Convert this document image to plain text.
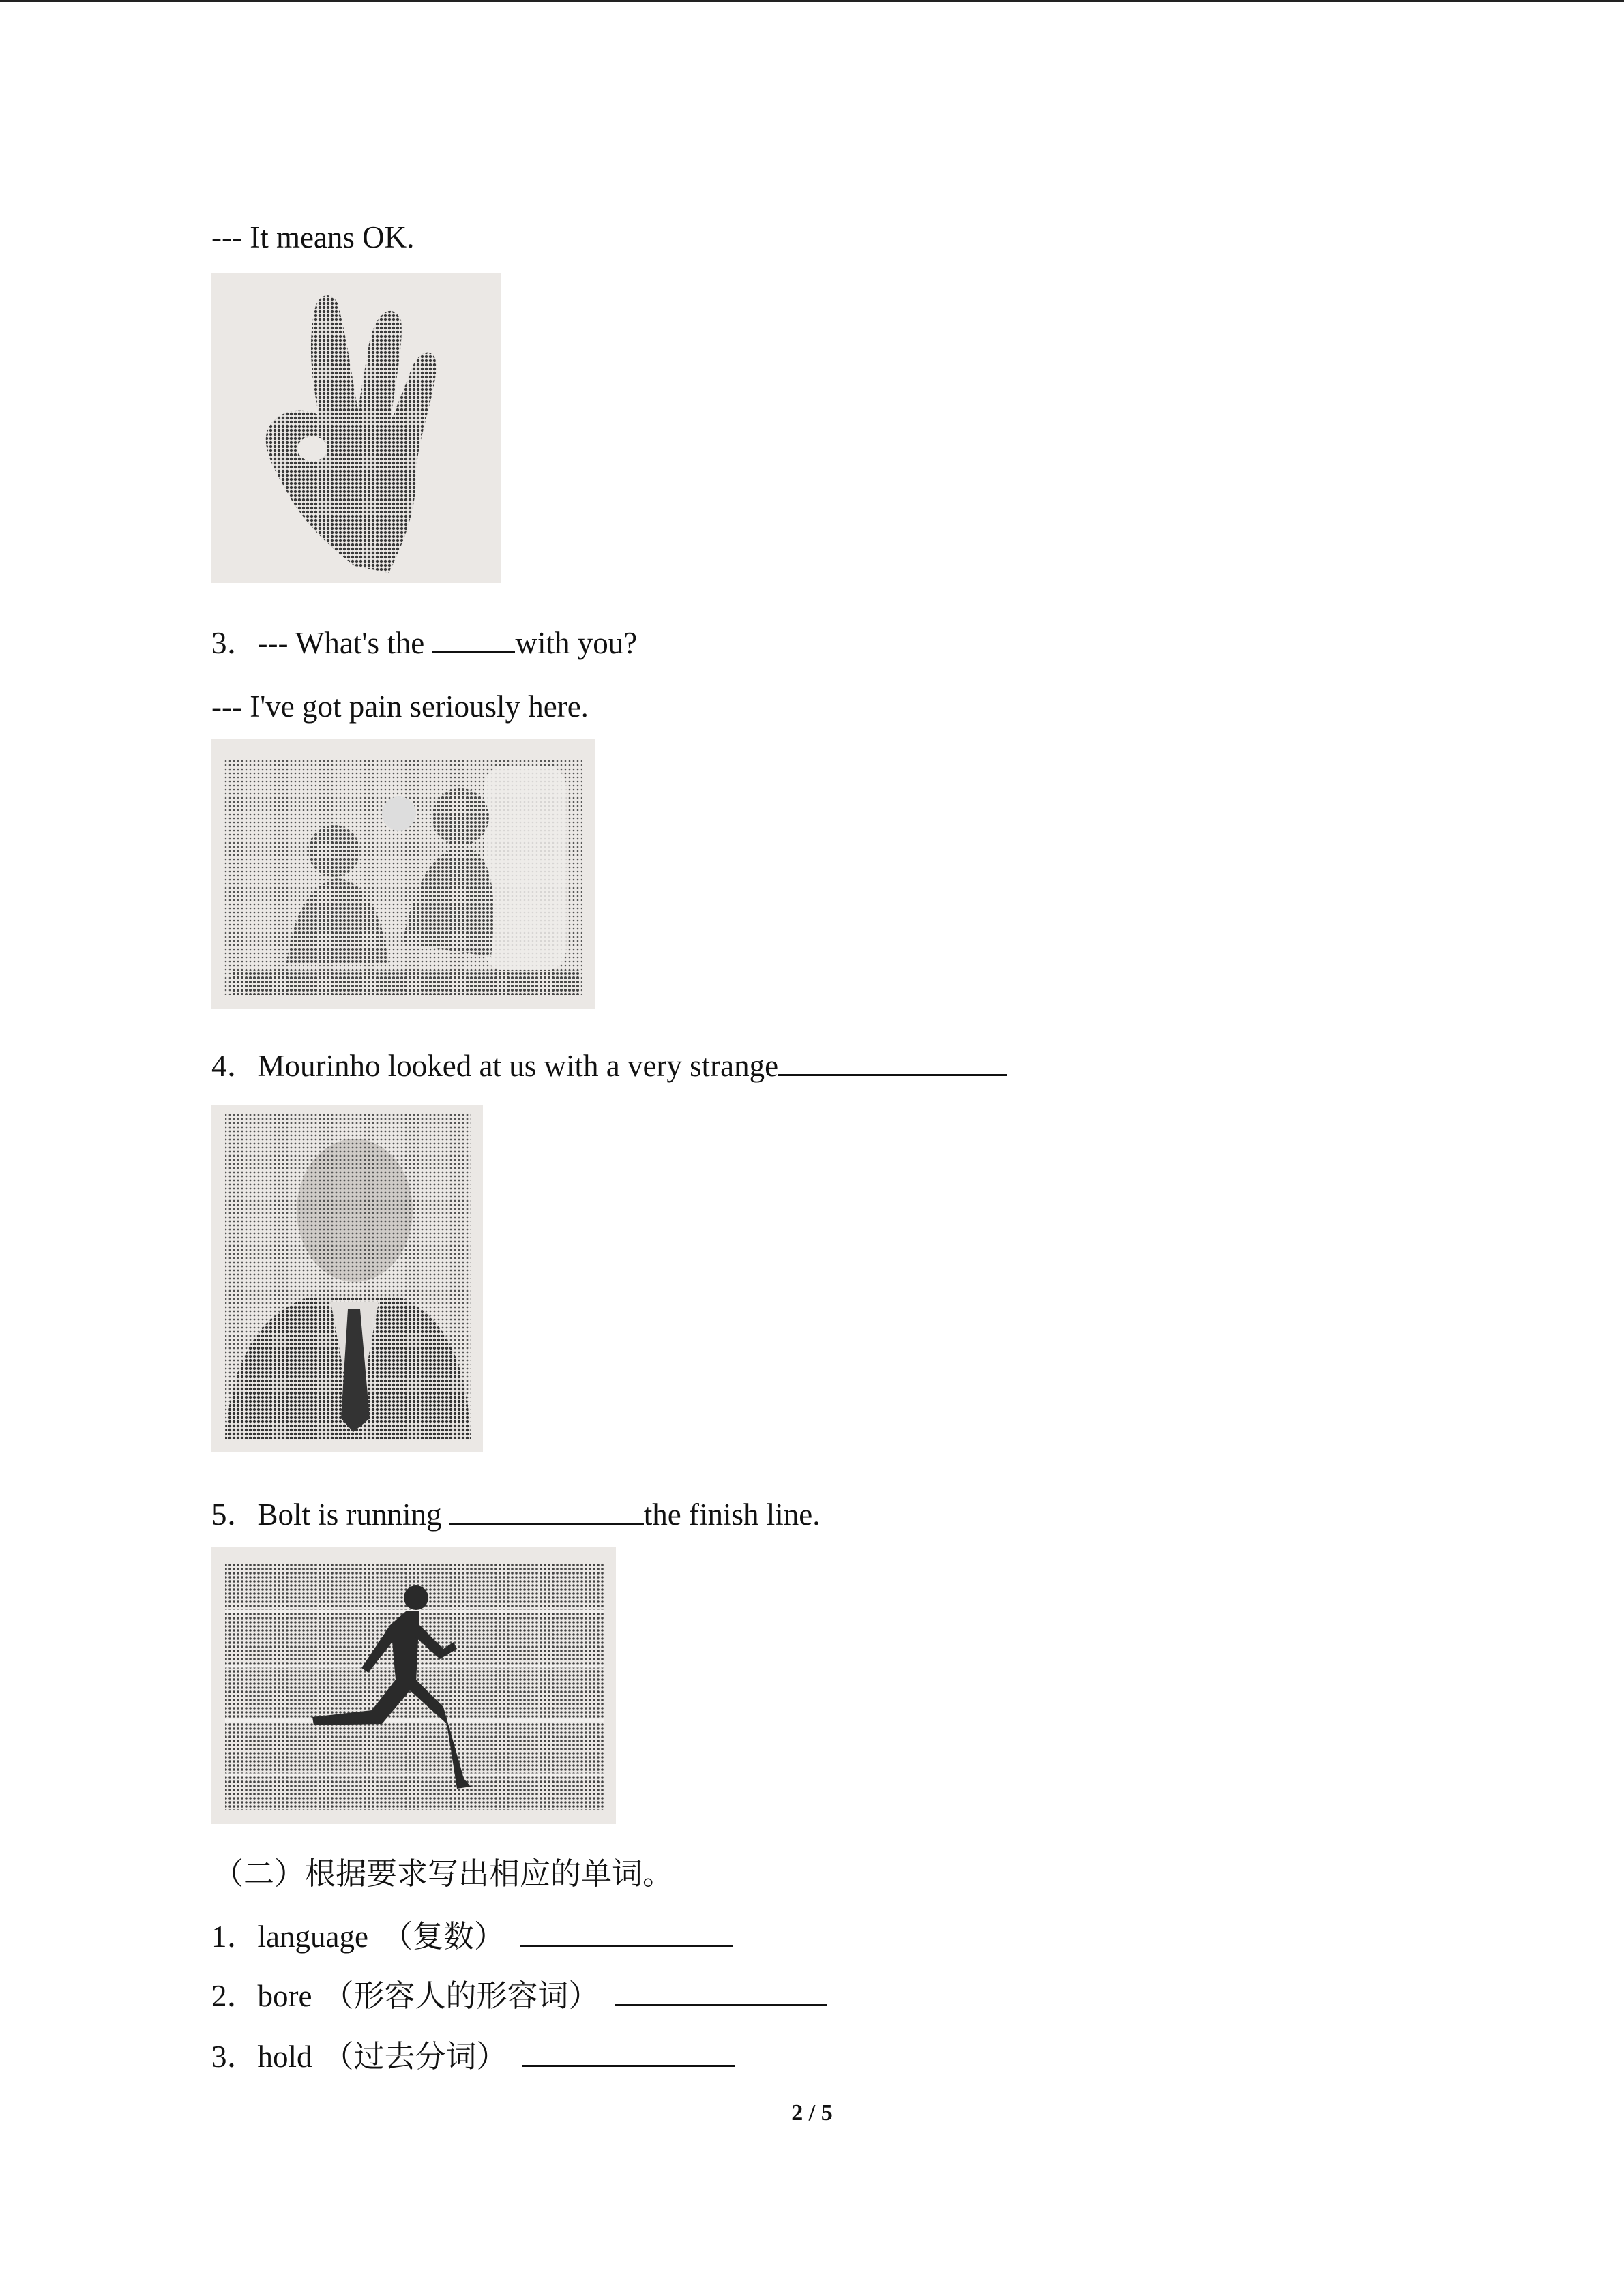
--- It means OK.
3．--- What's the	with you?
--- I've got pain seriously here.
4．Mourinho looked at us with a very strange
5．Bolt is running	the finish line.
（二）根据要求写出相应的单词。
1．language （复数）
2．bore （形容人的形容词）
3．hold （过去分词）
2 / 5
